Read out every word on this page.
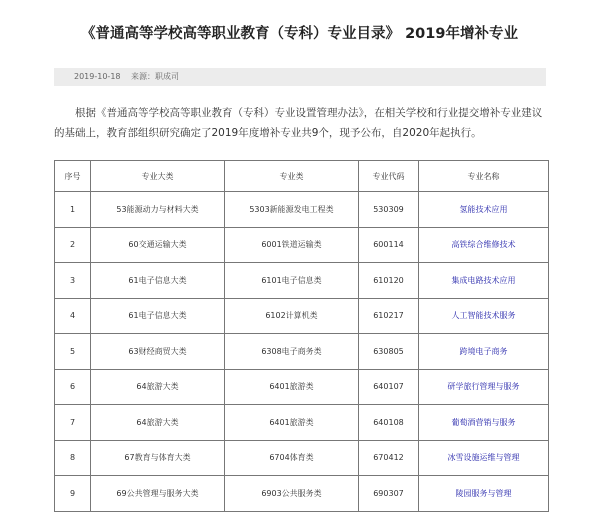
《普通高等学校高等职业教育（专科）专业目录》 2019年增补专业
2019-10-18 来源：职成司

根据《普通高等学校高等职业教育（专科）专业设置管理办法》，在相关学校和行业提交增补专业建议的基础上，教育部组织研究确定了2019年度增补专业共9个，现予公布，自2020年起执行。

序号	专业大类	专业类	专业代码	专业名称
1	53能源动力与材料大类	5303新能源发电工程类	530309	氢能技术应用
2	60交通运输大类	6001铁道运输类	600114	高铁综合维修技术
3	61电子信息大类	6101电子信息类	610120	集成电路技术应用
4	61电子信息大类	6102计算机类	610217	人工智能技术服务
5	63财经商贸大类	6308电子商务类	630805	跨境电子商务
6	64旅游大类	6401旅游类	640107	研学旅行管理与服务
7	64旅游大类	6401旅游类	640108	葡萄酒营销与服务
8	67教育与体育大类	6704体育类	670412	冰雪设施运维与管理
9	69公共管理与服务大类	6903公共服务类	690307	陵园服务与管理
